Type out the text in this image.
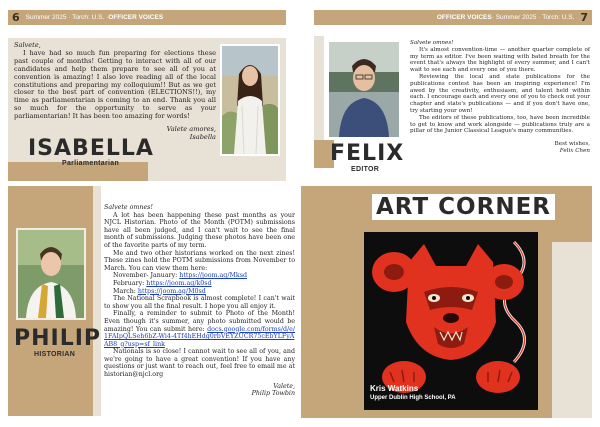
6 Summer 2025 · Torch: U.S. · OFFICER VOICES	OFFICER VOICES · Summer 2025 · Torch: U.S. 7

Salvete,

I have had so much fun preparing for elections these past couple of months! Getting to interact with all of our candidates and help them prepare to see all of you at convention is amazing! I also love reading all of the local constitutions and preparing my colloquium!! But as we get closer to the best part of convention (ELECTIONS!!), my time as parliamentarian is coming to an end. Thank you all so much for the opportunity to serve as your parliamentarian! It has been too amazing for words!

Valete amores,

Isabella

ISABELLA
Parliamentarian	FELIX
EDITOR

Salvete omnes!

It's almost convention-time — another quarter complete of my term as editor. I've been waiting with bated breath for the event that's always the highlight of every summer, and I can't wait to see each and every one of you there.

Reviewing the local and state publications for the publications contest has been an inspiring experience! I'm awed by the creativity, enthusiasm, and talent held within each. I encourage each and every one of you to check out your chapter and state's publications — and if you don't have one, try starting your own!

The editors of these publications, too, have been incredible to get to know and work alongside — publications truly are a pillar of the Junior Classical League's many communities.

Best wishes,

Felix Chen

PHILIP
HISTORIAN

Salvete omnes!

A lot has been happening these past months as your NJCL Historian. Photo of the Month (POTM) submissions have all been judged, and I can't wait to see the final month of submissions. Judging these photos have been one of the favorite parts of my term.

Me and two other historians worked on the next zines! These zines hold the POTM submissions from November to March. You can view them here:

November- January: https://joom.ag/Mksd

February: https://joom.ag/k0sd

March: https://joom.ag/M0sd

The National Scrapbook is almost complete! I can't wait to show you all the final result. I hope you all enjoy it.

Finally, a reminder to submit to Photo of the Month! Even though it's summer, any photo submitted would be amazing! You can submit here: docs.google.com/forms/d/e/1FAIpQLSeh6bZ-Wi4-4Tf4hEHdg0rbVEYZUCR75cEbYLFyAAB8_g?usp=sf_link

Nationals is so close! I cannot wait to see all of you, and we're going to have a great convention! If you have any questions or just want to reach out, feel free to email me at historian@njcl.org

Valete,

Philip Towbin

ART CORNER
Kris Watkins
Upper Dublin High School, PA
